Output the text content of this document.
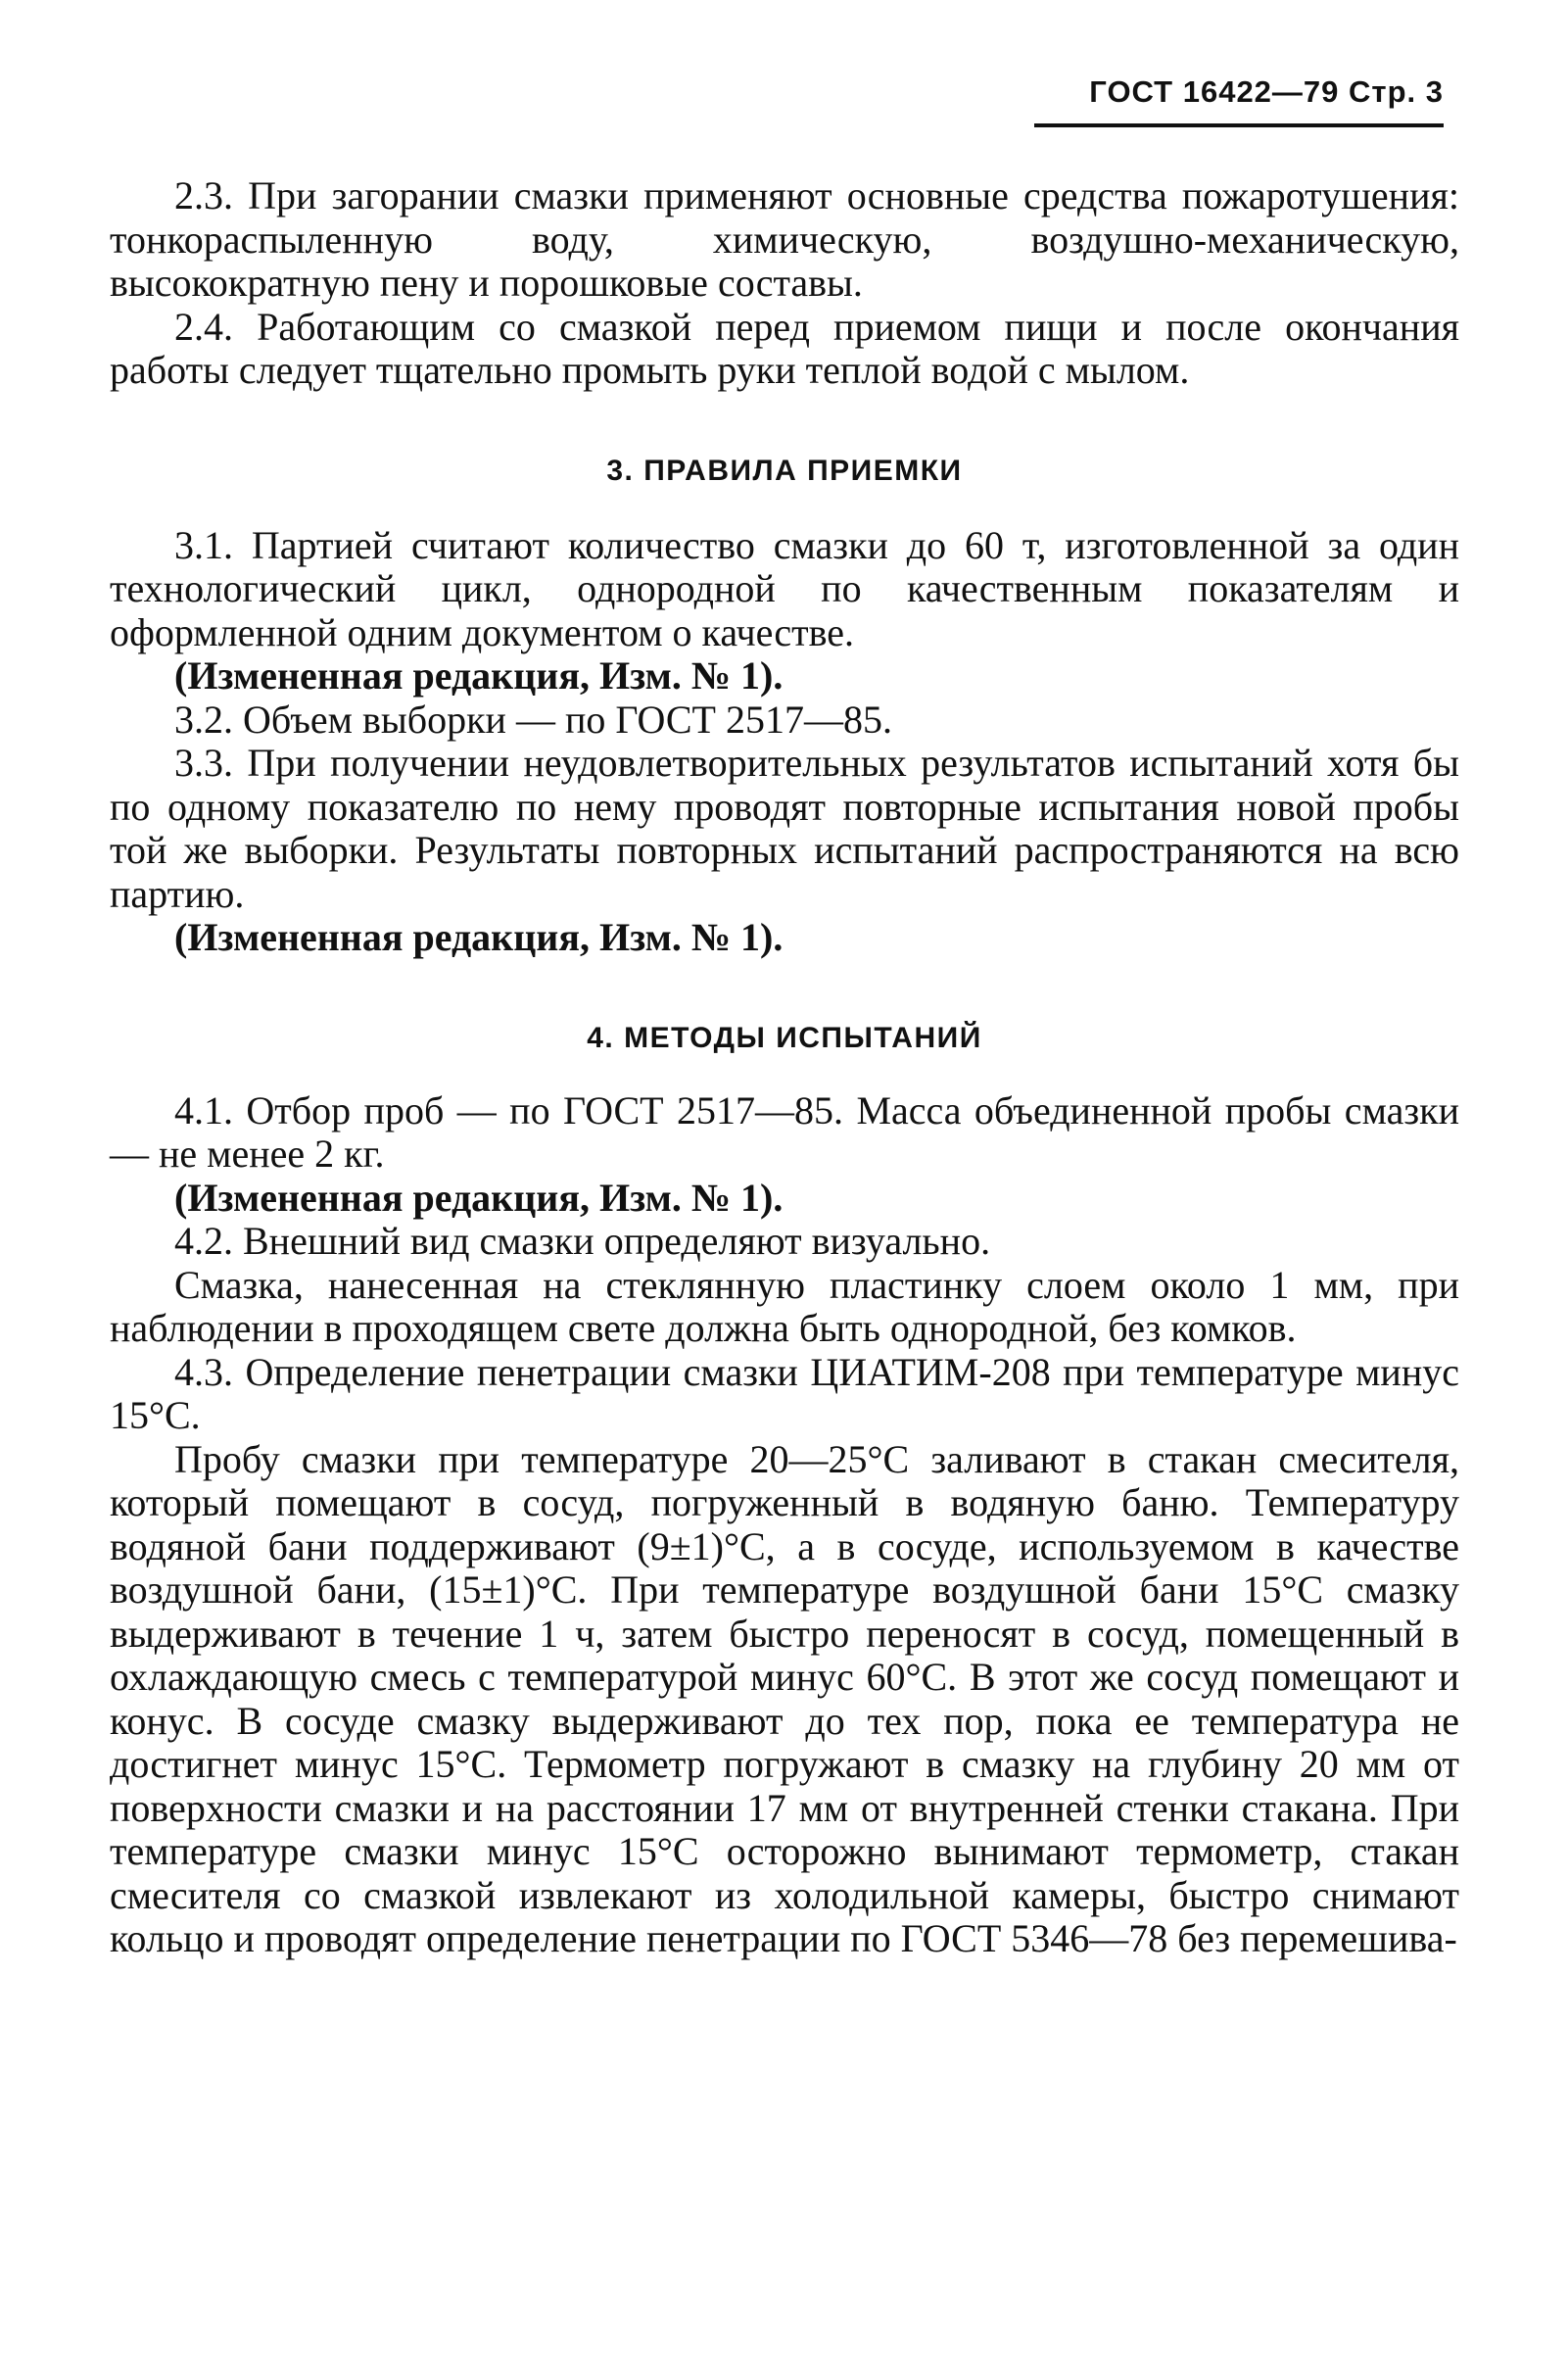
ГОСТ 16422—79 Стр. 3

2.3. При загорании смазки применяют основные средства пожаротушения: тонкораспыленную воду, химическую, воздушно-механическую, высокократную пену и порошковые составы.

2.4. Работающим со смазкой перед приемом пищи и после окончания работы следует тщательно промыть руки теплой водой с мылом.

3. ПРАВИЛА ПРИЕМКИ

3.1. Партией считают количество смазки до 60 т, изготовленной за один технологический цикл, однородной по качественным показателям и оформленной одним документом о качестве.

(Измененная редакция, Изм. № 1).

3.2. Объем выборки — по ГОСТ 2517—85.

3.3. При получении неудовлетворительных результатов испытаний хотя бы по одному показателю по нему проводят повторные испытания новой пробы той же выборки. Результаты повторных испытаний распространяются на всю партию.

(Измененная редакция, Изм. № 1).

4. МЕТОДЫ ИСПЫТАНИЙ

4.1. Отбор проб — по ГОСТ 2517—85. Масса объединенной пробы смазки — не менее 2 кг.

(Измененная редакция, Изм. № 1).

4.2. Внешний вид смазки определяют визуально.

Смазка, нанесенная на стеклянную пластинку слоем около 1 мм, при наблюдении в проходящем свете должна быть однородной, без комков.

4.3. Определение пенетрации смазки ЦИАТИМ-208 при температуре минус 15°С.

Пробу смазки при температуре 20—25°С заливают в стакан смесителя, который помещают в сосуд, погруженный в водяную баню. Температуру водяной бани поддерживают (9±1)°С, а в сосуде, используемом в качестве воздушной бани, (15±1)°С. При температуре воздушной бани 15°С смазку выдерживают в течение 1 ч, затем быстро переносят в сосуд, помещенный в охлаждающую смесь с температурой минус 60°С. В этот же сосуд помещают и конус. В сосуде смазку выдерживают до тех пор, пока ее температура не достигнет минус 15°С. Термометр погружают в смазку на глубину 20 мм от поверхности смазки и на расстоянии 17 мм от внутренней стенки стакана. При температуре смазки минус 15°С осторожно вынимают термометр, стакан смесителя со смазкой извлекают из холодильной камеры, быстро снимают кольцо и проводят определение пенетрации по ГОСТ 5346—78 без перемешива-
